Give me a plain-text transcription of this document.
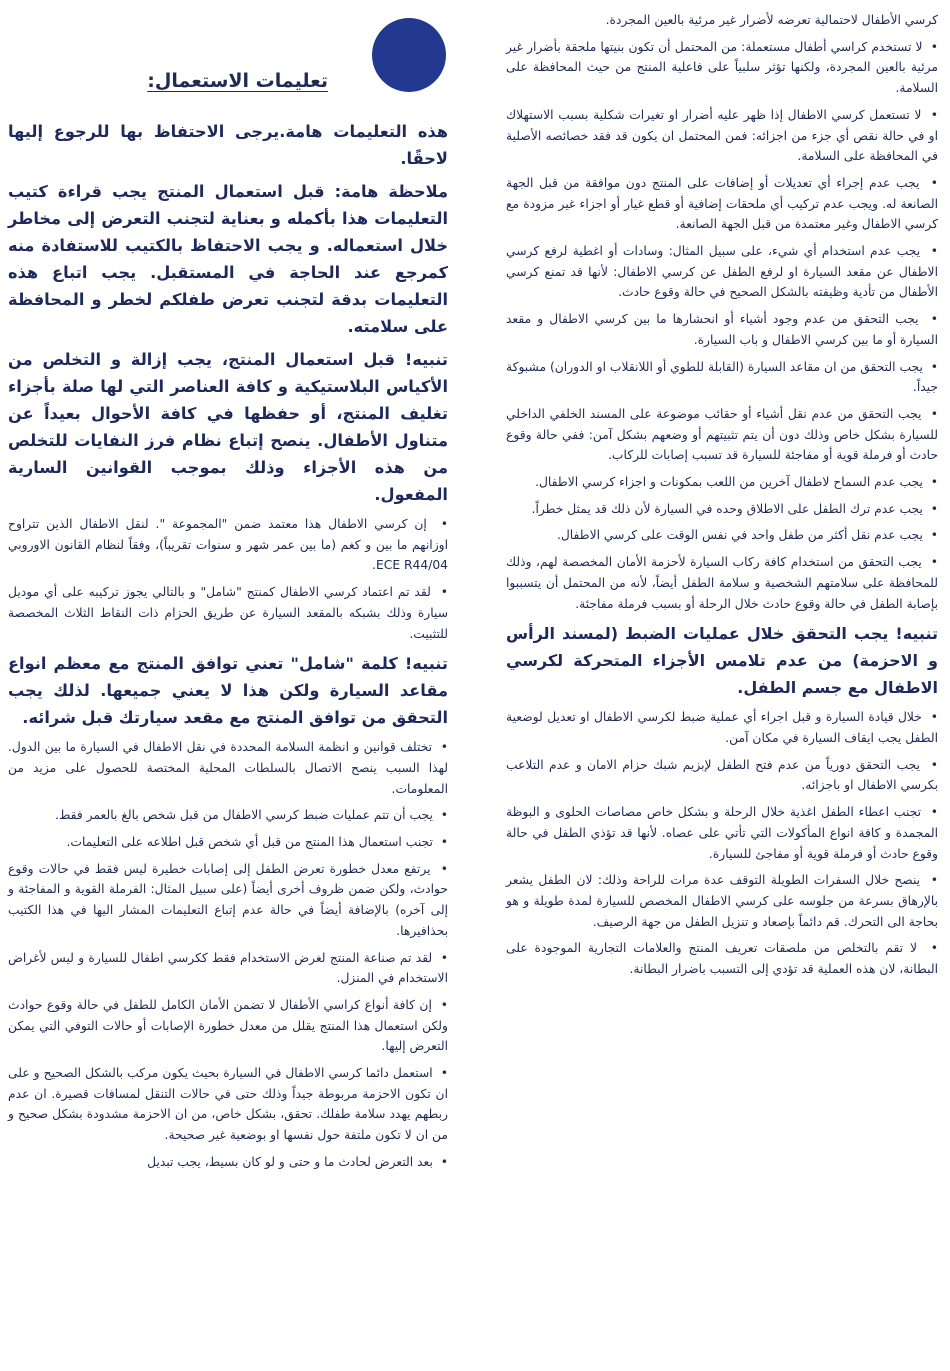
كرسي الأطفال لاحتمالية تعرضه لأضرار غير مرئية بالعين المجردة.

•  لا تستخدم كراسي أطفال مستعملة: من المحتمل أن تكون بنيتها ملحقة بأضرار غير مرئية بالعين المجردة، ولكنها تؤثر سلبياً على فاعلية المنتج من حيث المحافظة على السلامة.

•  لا تستعمل كرسي الاطفال إذا ظهر عليه أضرار او تغيرات شكلية بسبب الاستهلاك او في حالة نقص أي جزء من اجزائه: فمن المحتمل ان يكون قد فقد خصائصه الأصلية في المحافظة على السلامة.

•  يجب عدم إجراء أي تعديلات أو إضافات على المنتج دون موافقة من قبل الجهة الصانعة له. ويجب عدم تركيب أي ملحقات إضافية أو قطع غيار أو اجزاء غير مزودة مع كرسي الاطفال وغير معتمدة من قبل الجهة الصانعة.

•  يجب عدم استخدام أي شيء، على سبيل المثال: وسادات أو اغطية لرفع كرسي الاطفال عن مقعد السيارة او لرفع الطفل عن كرسي الاطفال: لأنها قد تمنع كرسي الأطفال من تأدية وظيفته بالشكل الصحيح في حالة وقوع حادث.

•  يجب التحقق من عدم وجود أشياء أو انحشارها ما بين كرسي الاطفال و مقعد السيارة أو ما بين كرسي الاطفال و باب السيارة.

•  يجب التحقق من ان مقاعد السيارة (القابلة للطوي أو اللانقلاب او الدوران) مشبوكة جيداً.

•  يجب التحقق من عدم نقل أشياء أو حقائب موضوعة على المسند الخلفي الداخلي للسيارة بشكل خاص وذلك دون أن يتم تثبيتهم أو وضعهم بشكل آمن: ففي حالة وقوع حادث أو فرملة قوية أو مفاجئة للسيارة قد تسبب إصابات للركاب.

•  يجب عدم السماح لاطفال آخرين من اللعب بمكونات و اجزاء كرسي الاطفال.

•  يجب عدم ترك الطفل على الاطلاق وحده في السيارة لأن ذلك قد يمثل خطراً.

•  يجب عدم نقل أكثر من طفل واحد في نفس الوقت على كرسي الاطفال.

•  يجب التحقق من استخدام كافة ركاب السيارة لأحزمة الأمان المخصصة لهم، وذلك للمحافظة على سلامتهم الشخصية و سلامة الطفل أيضاً، لأنه من المحتمل أن يتسببوا بإصابة الطفل في حالة وقوع حادث خلال الرحلة أو بسبب فرملة مفاجئة.

تنبيه! يجب التحقق خلال عمليات الضبط (لمسند الرأس و الاحزمة) من عدم تلامس الأجزاء المتحركة لكرسي الاطفال مع جسم الطفل.

•  خلال قيادة السيارة و قبل اجراء أي عملية ضبط لكرسي الاطفال او تعديل لوضعية الطفل يجب ايقاف السيارة في مكان آمن.

•  يجب التحقق دورياً من عدم فتح الطفل لإبزيم شبك حزام الامان و عدم التلاعب بكرسي الاطفال او باجزائه.

•  تجنب اعطاء الطفل اغذية خلال الرحلة و بشكل خاص مصاصات الحلوى و البوظة المجمدة و كافة انواع المأكولات التي تأتي على عصاه. لأنها قد تؤذي الطفل في حالة وقوع حادث أو فرملة قوية أو مفاجئ للسيارة.

•  ينصح خلال السفرات الطويلة التوقف عدة مرات للراحة وذلك: لان الطفل يشعر بالإرهاق بسرعة من جلوسه على كرسي الاطفال المخصص للسيارة لمدة طويلة و هو بحاجة الى التحرك. قم دائماً بإصعاد و تنزيل الطفل من جهة الرصيف.

•  لا تقم بالتخلص من ملصقات تعريف المنتج والعلامات التجارية الموجودة على البطانة، لان هذه العملية قد تؤدي إلى التسبب باضرار البطانة.

تعليمات الاستعمال:

هذه التعليمات هامة.يرجى الاحتفاظ بها للرجوع إليها لاحقًا.

ملاحظة هامة: قبل استعمال المنتج يجب قراءة كتيب التعليمات هذا بأكمله و بعناية لتجنب التعرض إلى مخاطر خلال استعماله. و يجب الاحتفاظ بالكتيب للاستفادة منه كمرجع عند الحاجة في المستقبل. يجب اتباع هذه التعليمات بدقة لتجنب تعرض طفلكم لخطر و المحافظة على سلامته.

تنبيه! قبل استعمال المنتج، يجب إزالة و التخلص من الأكياس البلاستيكية و كافة العناصر التي لها صلة بأجزاء تغليف المنتج، أو حفظها في كافة الأحوال بعيداً عن متناول الأطفال. ينصح إتباع نظام فرز النفايات للتخلص من هذه الأجزاء وذلك بموجب القوانين السارية المفعول.

•  إن كرسي الاطفال هذا معتمد ضمن "المجموعة ". لنقل الاطفال الذين تتراوح اوزانهم ما بين و كغم (ما بين عمر شهر و سنوات تقريباً)، وفقاً لنظام القانون الاوروبي ECE R44/04.

•  لقد تم اعتماد كرسي الاطفال كمنتج "شامل" و بالتالي يجوز تركيبه على أي موديل سيارة وذلك بشبكه بالمقعد السيارة عن طريق الحزام ذات النقاط الثلاث المخصصة للتثبيت.

تنبيه! كلمة "شامل" تعني توافق المنتج مع معظم انواع مقاعد السيارة ولكن هذا لا يعني جميعها. لذلك يجب التحقق من توافق المنتج مع مقعد سيارتك قبل شرائه.

•  تختلف قوانين و انظمة السلامة المحددة في نقل الاطفال في السيارة ما بين الدول. لهذا السبب ينصح الاتصال بالسلطات المحلية المختصة للحصول على مزيد من المعلومات.

•  يجب أن تتم عمليات ضبط كرسي الاطفال من قبل شخص بالغ بالعمر فقط.

•  تجنب استعمال هذا المنتج من قبل أي شخص قبل اطلاعه على التعليمات.

•  يرتفع معدل خطورة تعرض الطفل إلى إصابات خطيرة ليس فقط في حالات وقوع حوادث، ولكن ضمن ظروف أخرى أيضاً (على سبيل المثال: الفرملة القوية و المفاجئة و إلى آخره) بالإضافة أيضاً في حالة عدم إتباع التعليمات المشار اليها في هذا الكتيب بحذافيرها.

•  لقد تم صناعة المنتج لغرض الاستخدام فقط ككرسي اطفال للسيارة و ليس لأغراض الاستخدام في المنزل.

•  إن كافة أنواع كراسي الأطفال لا تضمن الأمان الكامل للطفل في حالة وقوع حوادث ولكن استعمال هذا المنتج يقلل من معدل خطورة الإصابات أو حالات التوفي التي يمكن التعرض إليها.

•  استعمل دائما كرسي الاطفال في السيارة بحيث يكون مركب بالشكل الصحيح و على ان تكون الاحزمة مربوطة جيداً وذلك حتى في حالات التنقل لمسافات قصيرة. ان عدم ربطهم يهدد سلامة طفلك. تحقق، بشكل خاص، من ان الاحزمة مشدودة بشكل صحيح و من ان لا تكون ملتفة حول نفسها او بوضعية غير صحيحة.

•  بعد التعرض لحادث ما و حتى و لو كان بسيط، يجب تبديل
